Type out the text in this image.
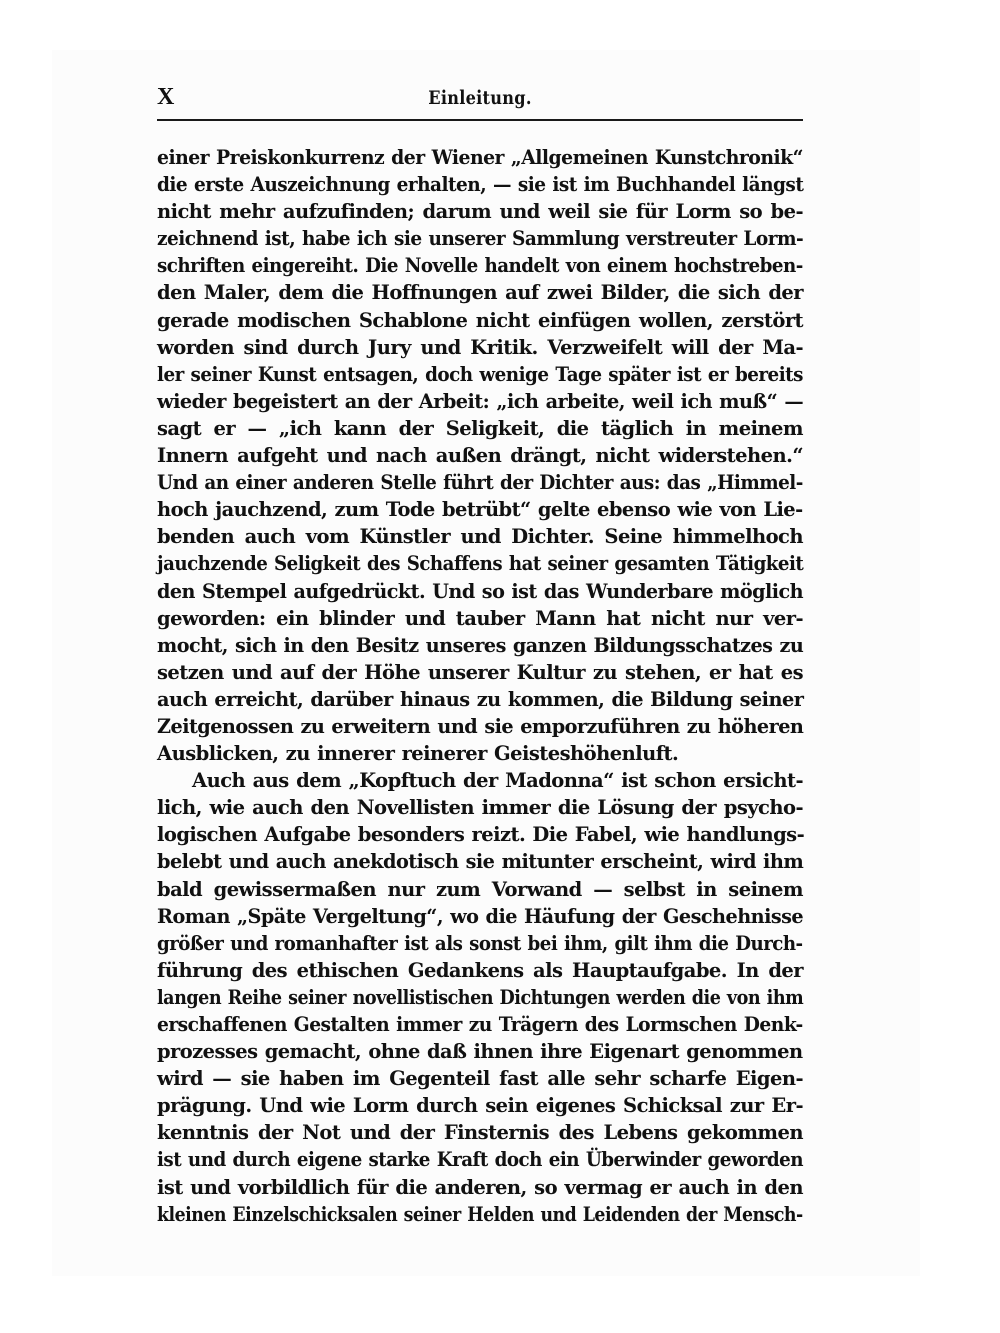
X	Einleitung.
einer Preiskonkurrenz der Wiener „Allgemeinen Kunstchronik“
die erste Auszeichnung erhalten, — sie ist im Buchhandel längst
nicht mehr aufzufinden; darum und weil sie für Lorm so be-
zeichnend ist, habe ich sie unserer Sammlung verstreuter Lorm-
schriften eingereiht. Die Novelle handelt von einem hochstreben-
den Maler, dem die Hoffnungen auf zwei Bilder, die sich der
gerade modischen Schablone nicht einfügen wollen, zerstört
worden sind durch Jury und Kritik. Verzweifelt will der Ma-
ler seiner Kunst entsagen, doch wenige Tage später ist er bereits
wieder begeistert an der Arbeit: „ich arbeite, weil ich muß“ —
sagt er — „ich kann der Seligkeit, die täglich in meinem
Innern aufgeht und nach außen drängt, nicht widerstehen.“
Und an einer anderen Stelle führt der Dichter aus: das „Himmel-
hoch jauchzend, zum Tode betrübt“ gelte ebenso wie von Lie-
benden auch vom Künstler und Dichter. Seine himmelhoch
jauchzende Seligkeit des Schaffens hat seiner gesamten Tätigkeit
den Stempel aufgedrückt. Und so ist das Wunderbare möglich
geworden: ein blinder und tauber Mann hat nicht nur ver-
mocht, sich in den Besitz unseres ganzen Bildungsschatzes zu
setzen und auf der Höhe unserer Kultur zu stehen, er hat es
auch erreicht, darüber hinaus zu kommen, die Bildung seiner
Zeitgenossen zu erweitern und sie emporzuführen zu höheren
Ausblicken, zu innerer reinerer Geisteshöhenluft.
Auch aus dem „Kopftuch der Madonna“ ist schon ersicht-
lich, wie auch den Novellisten immer die Lösung der psycho-
logischen Aufgabe besonders reizt. Die Fabel, wie handlungs-
belebt und auch anekdotisch sie mitunter erscheint, wird ihm
bald gewissermaßen nur zum Vorwand — selbst in seinem
Roman „Späte Vergeltung“, wo die Häufung der Geschehnisse
größer und romanhafter ist als sonst bei ihm, gilt ihm die Durch-
führung des ethischen Gedankens als Hauptaufgabe. In der
langen Reihe seiner novellistischen Dichtungen werden die von ihm
erschaffenen Gestalten immer zu Trägern des Lormschen Denk-
prozesses gemacht, ohne daß ihnen ihre Eigenart genommen
wird — sie haben im Gegenteil fast alle sehr scharfe Eigen-
prägung. Und wie Lorm durch sein eigenes Schicksal zur Er-
kenntnis der Not und der Finsternis des Lebens gekommen
ist und durch eigene starke Kraft doch ein Überwinder geworden
ist und vorbildlich für die anderen, so vermag er auch in den
kleinen Einzelschicksalen seiner Helden und Leidenden der Mensch-
